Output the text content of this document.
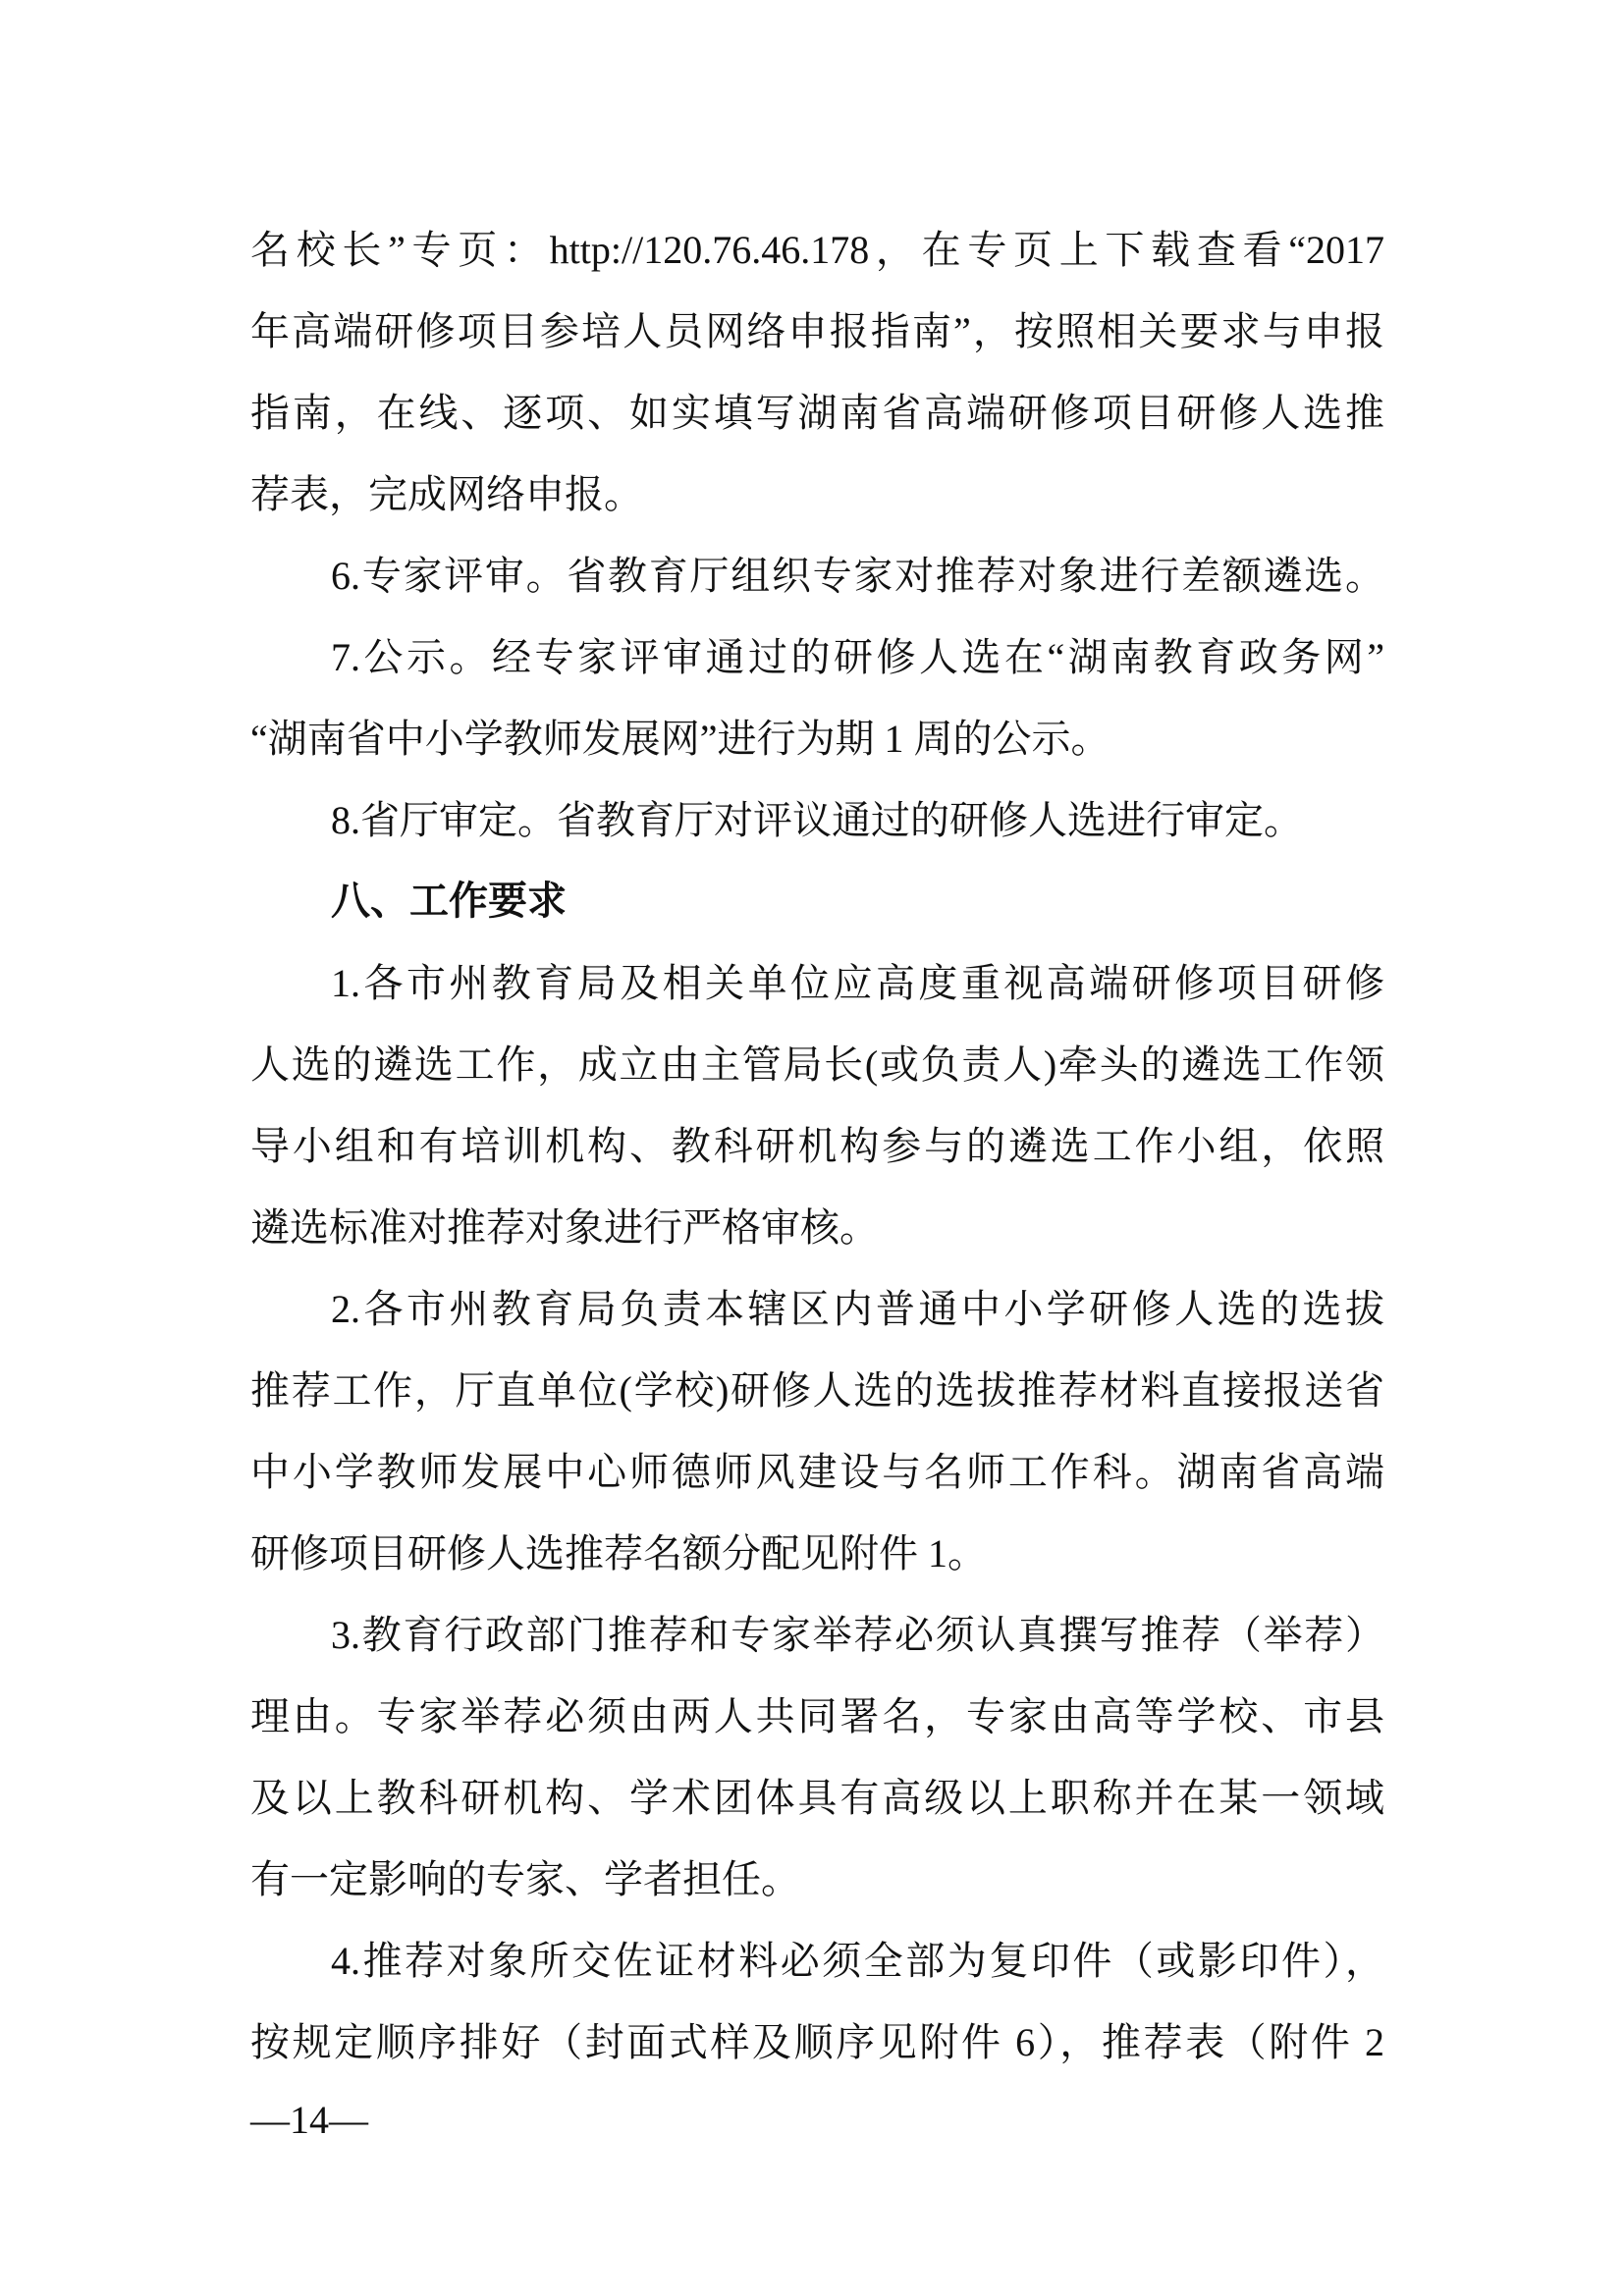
名校长”专页：http://120.76.46.178，在专页上下载查看“2017
年高端研修项目参培人员网络申报指南”，按照相关要求与申报
指南，在线、逐项、如实填写湖南省高端研修项目研修人选推
荐表，完成网络申报。
6.专家评审。省教育厅组织专家对推荐对象进行差额遴选。
7.公示。经专家评审通过的研修人选在“湖南教育政务网”
“湖南省中小学教师发展网”进行为期 1 周的公示。
8.省厅审定。省教育厅对评议通过的研修人选进行审定。
八、工作要求
1.各市州教育局及相关单位应高度重视高端研修项目研修
人选的遴选工作，成立由主管局长(或负责人)牵头的遴选工作领
导小组和有培训机构、教科研机构参与的遴选工作小组，依照
遴选标准对推荐对象进行严格审核。
2.各市州教育局负责本辖区内普通中小学研修人选的选拔
推荐工作，厅直单位(学校)研修人选的选拔推荐材料直接报送省
中小学教师发展中心师德师风建设与名师工作科。湖南省高端
研修项目研修人选推荐名额分配见附件 1。
3.教育行政部门推荐和专家举荐必须认真撰写推荐（举荐）
理由。专家举荐必须由两人共同署名，专家由高等学校、市县
及以上教科研机构、学术团体具有高级以上职称并在某一领域
有一定影响的专家、学者担任。
4.推荐对象所交佐证材料必须全部为复印件（或影印件），
按规定顺序排好（封面式样及顺序见附件 6），推荐表（附件 2
—14—
